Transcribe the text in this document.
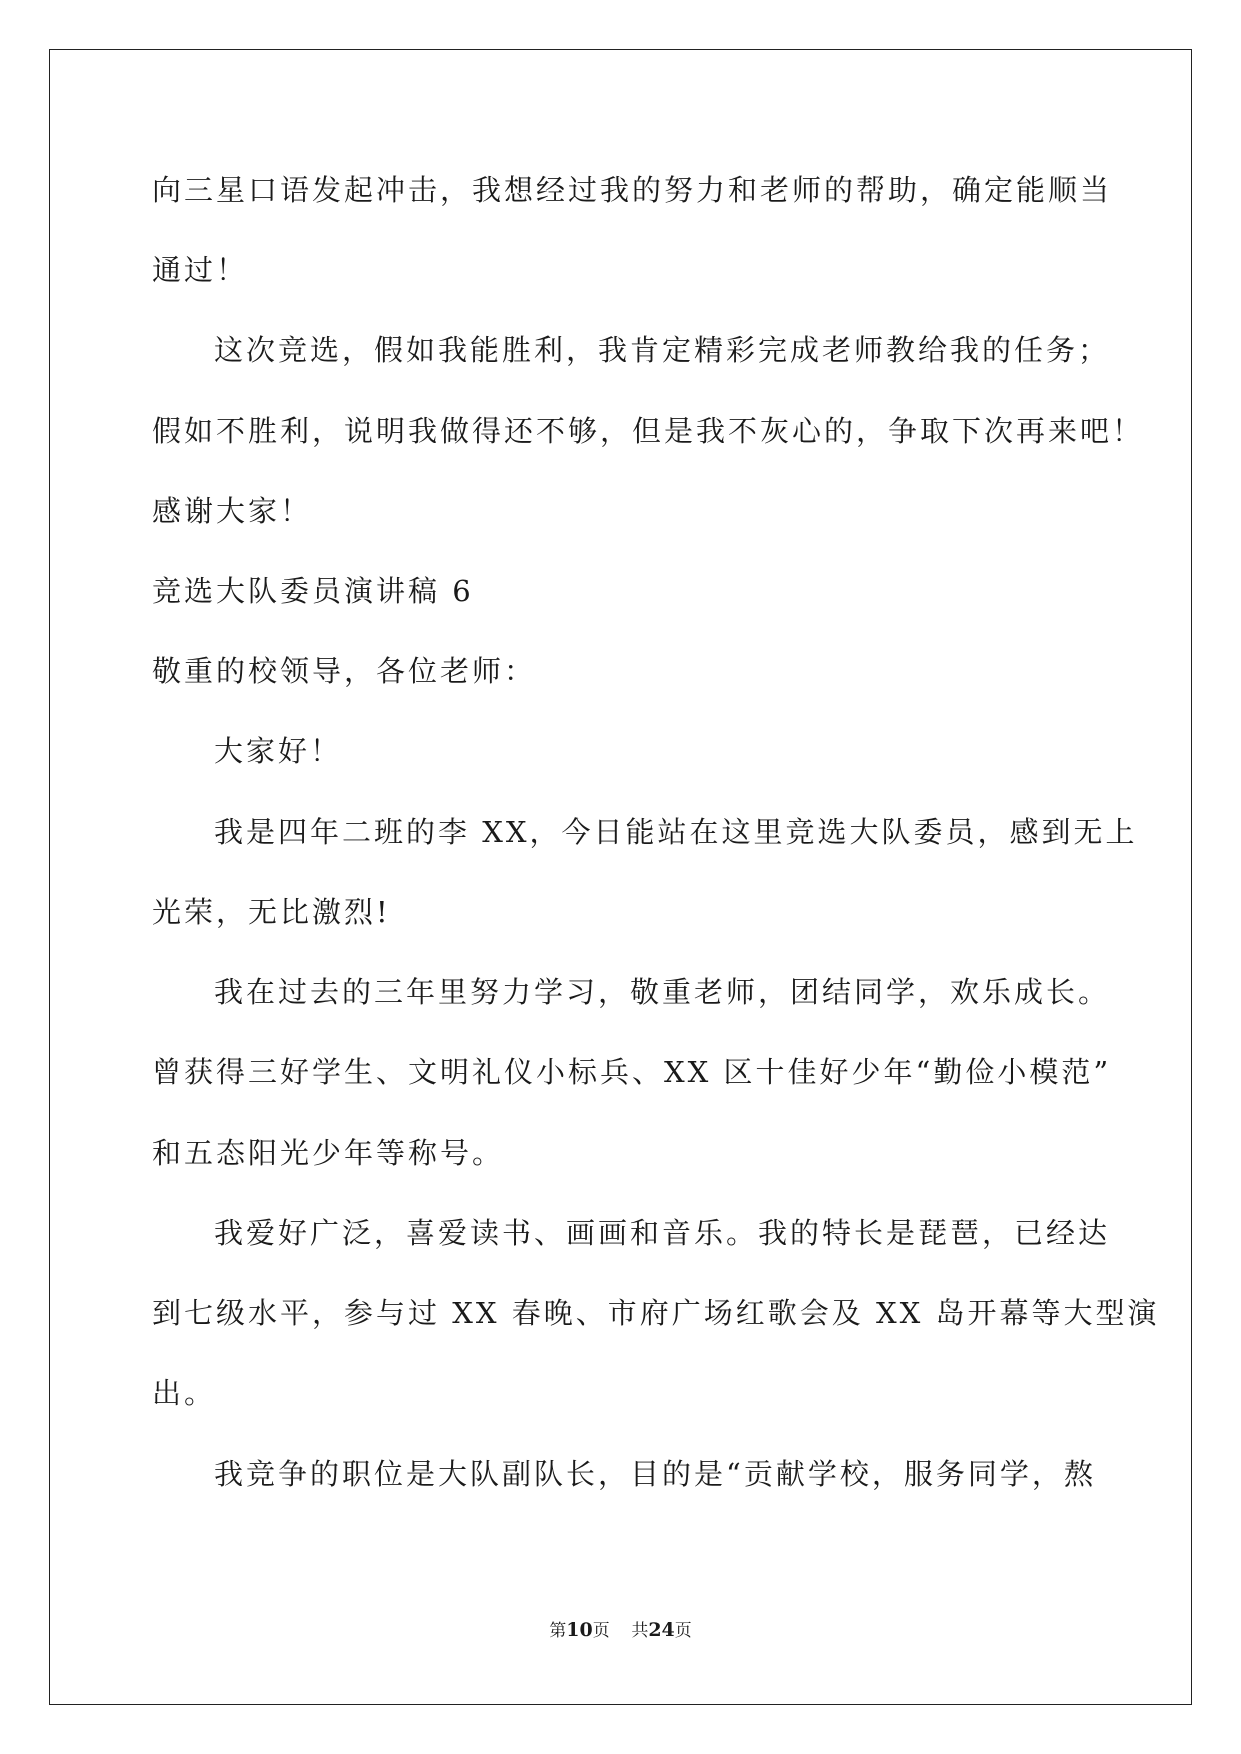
向三星口语发起冲击，我想经过我的努力和老师的帮助，确定能顺当
通过！
这次竞选，假如我能胜利，我肯定精彩完成老师教给我的任务；
假如不胜利，说明我做得还不够，但是我不灰心的，争取下次再来吧！
感谢大家！
竞选大队委员演讲稿 6
敬重的校领导，各位老师：
大家好！
我是四年二班的李 XX，今日能站在这里竞选大队委员，感到无上
光荣，无比激烈!
我在过去的三年里努力学习，敬重老师，团结同学，欢乐成长。
曾获得三好学生、文明礼仪小标兵、XX 区十佳好少年“勤俭小模范”
和五态阳光少年等称号。
我爱好广泛，喜爱读书、画画和音乐。我的特长是琵琶，已经达
到七级水平，参与过 XX 春晚、市府广场红歌会及 XX 岛开幕等大型演
出。
我竞争的职位是大队副队长，目的是“贡献学校，服务同学，熬
第10页 共24页
